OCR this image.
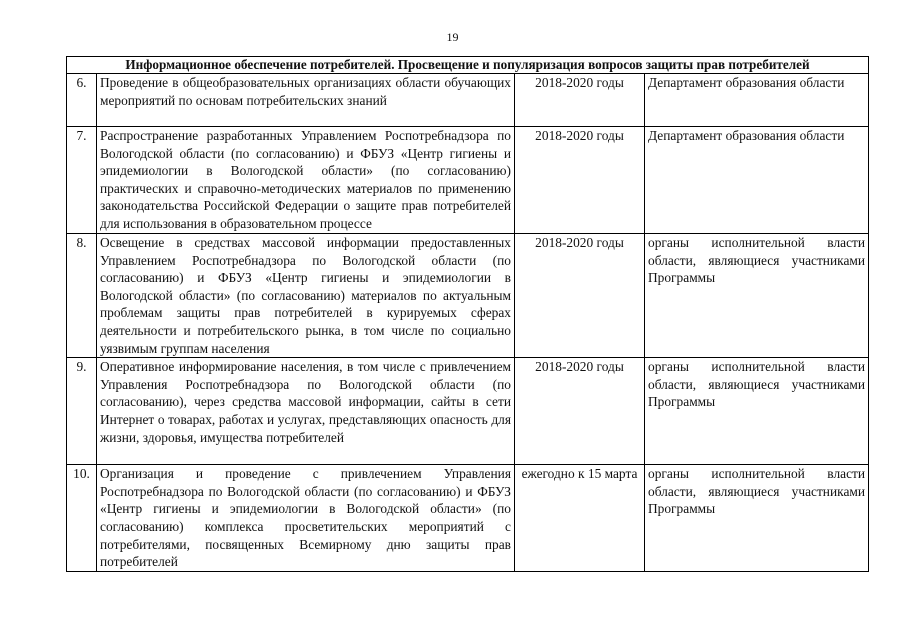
19
Информационное обеспечение потребителей. Просвещение и популяризация вопросов защиты прав потребителей			
6.	Проведение в общеобразовательных организациях области обучающих мероприятий по основам потребительских знаний	2018-2020 годы	Департамент образования области
7.	Распространение разработанных Управлением Роспотребнадзора по Вологодской области (по согласованию) и ФБУЗ «Центр гигиены и эпидемиологии в Вологодской области» (по согласованию) практических и справочно-методических материалов по применению законодательства Российской Федерации о защите прав потребителей для использования в образовательном процессе	2018-2020 годы	Департамент образования области
8.	Освещение в средствах массовой информации предоставленных Управлением Роспотребнадзора по Вологодской области (по согласованию) и ФБУЗ «Центр гигиены и эпидемиологии в Вологодской области» (по согласованию) материалов по актуальным проблемам защиты прав потребителей в курируемых сферах деятельности и потребительского рынка, в том числе по социально уязвимым группам населения	2018-2020 годы	органы исполнительной власти области, являющиеся участниками Программы
9.	Оперативное информирование населения, в том числе с привлечением Управления Роспотребнадзора по Вологодской области (по согласованию), через средства массовой информации, сайты в сети Интернет о товарах, работах и услугах, представляющих опасность для жизни, здоровья, имущества потребителей	2018-2020 годы	органы исполнительной власти области, являющиеся участниками Программы
10.	Организация и проведение с привлечением Управления Роспотребнадзора по Вологодской области (по согласованию) и ФБУЗ «Центр гигиены и эпидемиологии в Вологодской области» (по согласованию) комплекса просветительских мероприятий с потребителями, посвященных Всемирному дню защиты прав потребителей	ежегодно к 15 марта	органы исполнительной власти области, являющиеся участниками Программы
